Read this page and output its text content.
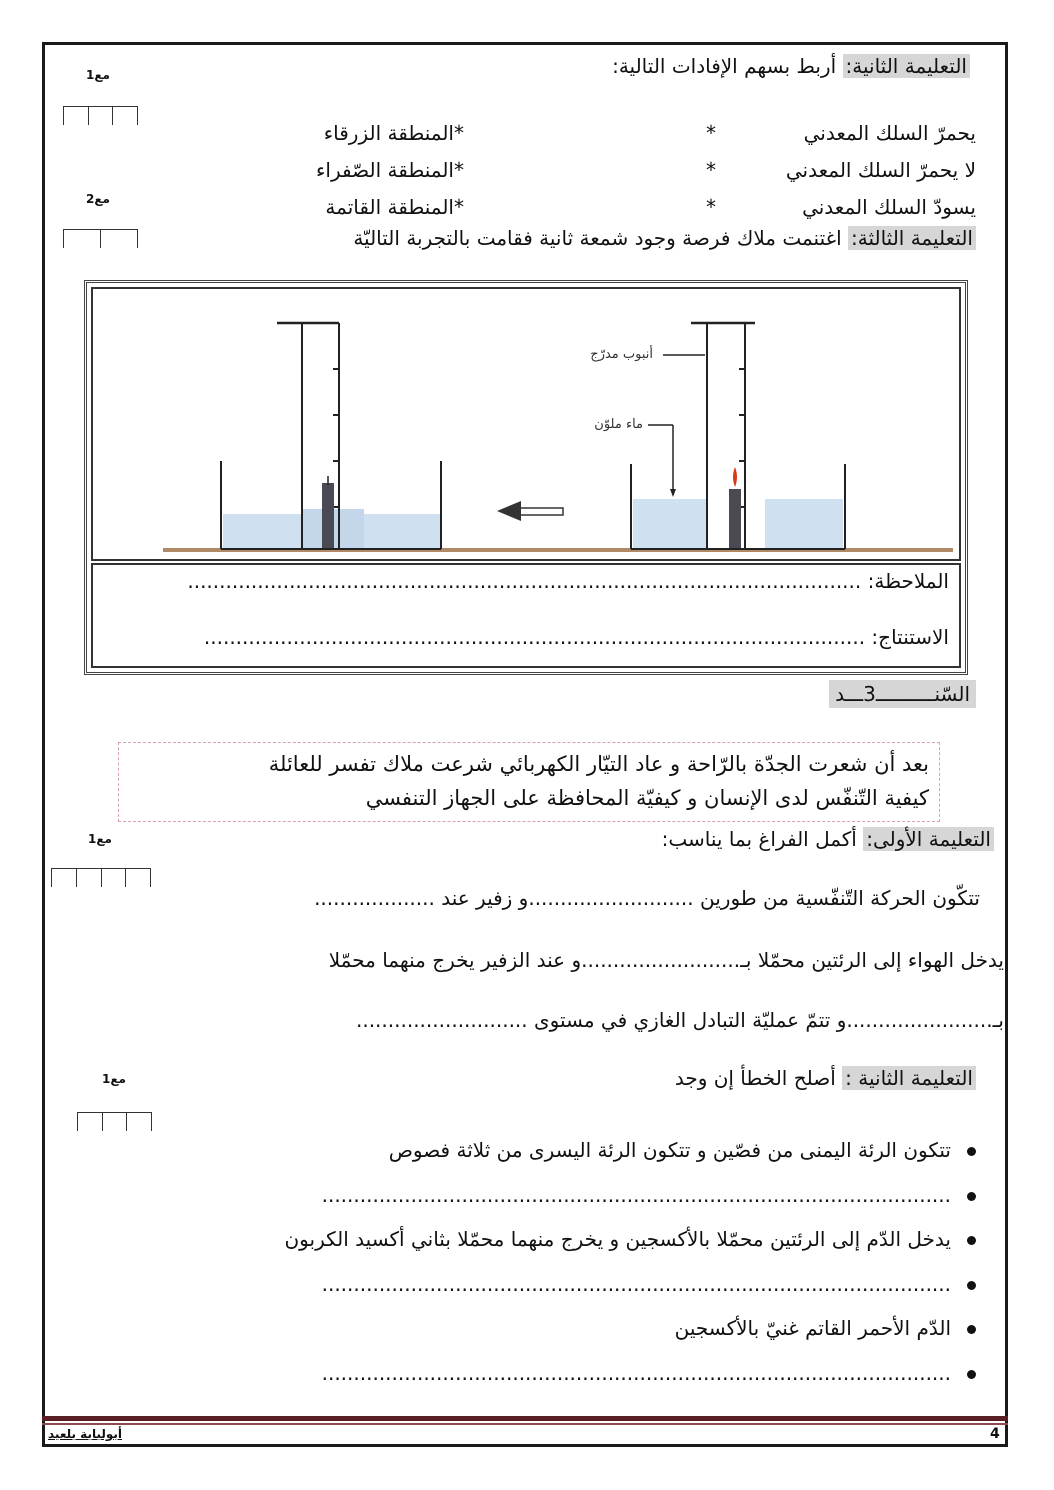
التعليمة الثانية: أربط بسهم الإفادات التالية:
مع1
يحمرّ السلك المعدني
لا يحمرّ السلك المعدني
يسودّ السلك المعدني
*
*
*
*المنطقة الزرقاء
*المنطقة الصّفراء
*المنطقة القاتمة
مع2
التعليمة الثالثة: اغتنمت ملاك فرصة وجود شمعة ثانية فقامت بالتجربة التاليّة
أنبوب مدرّج
ماء ملوّن
الملاحظة: ..........................................................................................................
الاستنتاج: ........................................................................................................
السّنــــــــــ3ـــد
بعد أن شعرت الجدّة بالرّاحة و عاد التيّار الكهربائي شرعت ملاك تفسر للعائلة
كيفية التّنفّس لدى الإنسان و كيفيّة المحافظة على الجهاز التنفسي
التعليمة الأولى: أكمل الفراغ بما يناسب:
مع1
تتكّون الحركة التّنفّسية من طورين ..........................و زفير عند ...................
يدخل الهواء إلى الرئتين محمّلا بـ.........................و عند الزفير يخرج منهما محمّلا
بـ.......................و تتمّ عمليّة التبادل الغازي في مستوى ...........................
التعليمة الثانية : أصلح الخطأ إن وجد
مع1
تتكون الرئة اليمنى من فصّين و تتكون الرئة اليسرى من ثلاثة فصوص
...................................................................................................
يدخل الدّم إلى الرئتين محمّلا بالأكسجين و يخرج منهما محمّلا بثاني أكسيد الكربون
...................................................................................................
الدّم الأحمر القاتم غنيّ بالأكسجين
...................................................................................................
أبولبابة بلعيد	4
